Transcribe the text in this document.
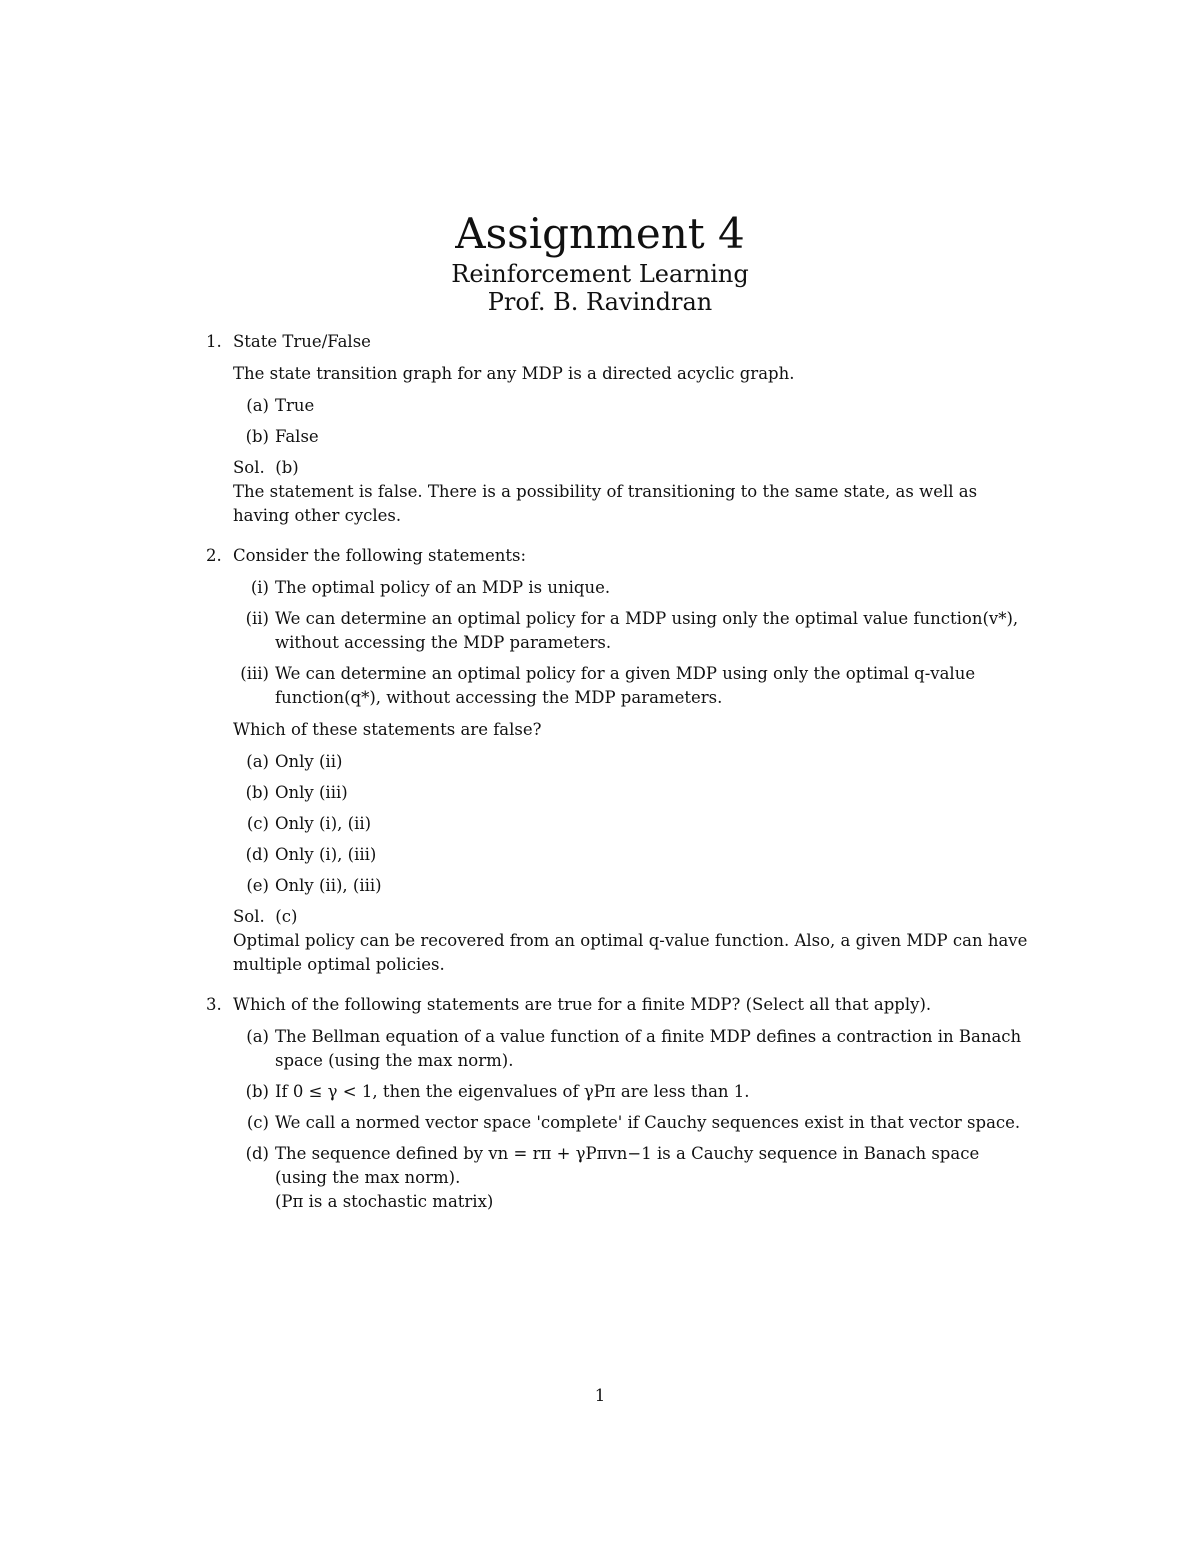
Assignment 4
Reinforcement Learning
Prof. B. Ravindran
1. State True/False

The state transition graph for any MDP is a directed acyclic graph.

(a) True
(b) False

Sol. (b)

The statement is false. There is a possibility of transitioning to the same state, as well as having other cycles.

2. Consider the following statements:

(i) The optimal policy of an MDP is unique.
(ii) We can determine an optimal policy for a MDP using only the optimal value function(v*), without accessing the MDP parameters.
(iii) We can determine an optimal policy for a given MDP using only the optimal q-value function(q*), without accessing the MDP parameters.

Which of these statements are false?

(a) Only (ii)
(b) Only (iii)
(c) Only (i), (ii)
(d) Only (i), (iii)
(e) Only (ii), (iii)

Sol. (c)

Optimal policy can be recovered from an optimal q-value function. Also, a given MDP can have multiple optimal policies.

3. Which of the following statements are true for a finite MDP? (Select all that apply).

(a) The Bellman equation of a value function of a finite MDP defines a contraction in Banach space (using the max norm).
(b) If 0 ≤ γ < 1, then the eigenvalues of γPπ are less than 1.
(c) We call a normed vector space 'complete' if Cauchy sequences exist in that vector space.
(d) The sequence defined by vn = rπ + γPπvn−1 is a Cauchy sequence in Banach space (using the max norm).

(Pπ is a stochastic matrix)

1
